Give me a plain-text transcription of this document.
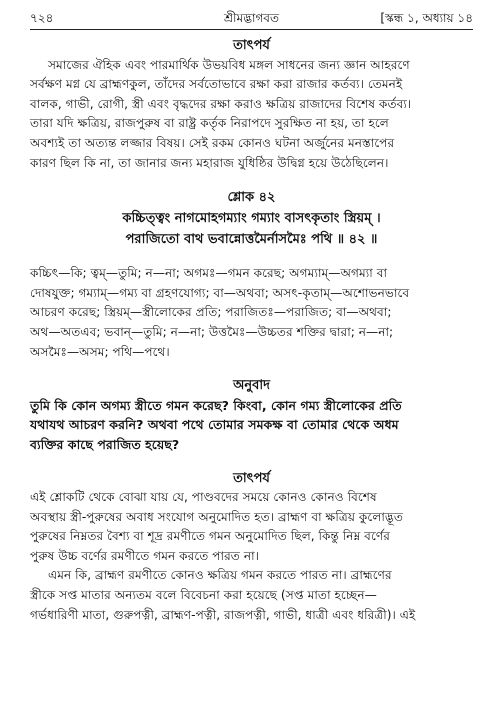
৭২৪	শ্রীমদ্ভাগবত	[স্কন্ধ ১, অধ্যায় ১৪

তাৎপর্য

সমাজের ঐহিক এবং পারমার্থিক উভয়বিধ মঙ্গল সাধনের জন্য জ্ঞান আহরণে

সর্বক্ষণ মগ্ন যে ব্রাহ্মণকুল, তাঁদের সর্বতোভাবে রক্ষা করা রাজার কর্তব্য। তেমনই

বালক, গাভী, রোগী, স্ত্রী এবং বৃদ্ধদের রক্ষা করাও ক্ষত্রিয় রাজাদের বিশেষ কর্তব্য।

তারা যদি ক্ষত্রিয়, রাজপুরুষ বা রাষ্ট্র কর্তৃক নিরাপদে সুরক্ষিত না হয়, তা হলে

অবশ্যই তা অত্যন্ত লজ্জার বিষয়। সেই রকম কোনও ঘটনা অর্জুনের মনস্তাপের

কারণ ছিল কি না, তা জানার জন্য মহারাজ যুধিষ্ঠির উদ্বিগ্ন হয়ে উঠেছিলেন।

শ্লোক ৪২

কচ্চিত্ত্বং নাগমোহগম্যাং গম্যাং বাসৎকৃতাং স্ত্রিয়ম্ ।

পরাজিতো বাথ ভবান্নোত্তমৈর্নাসমৈঃ পথি ॥ ৪২ ॥

কচ্চিৎ—কি; ত্বম্—তুমি; ন—না; অগমঃ—গমন করেছ; অগম্যাম্—অগম্যা বা

দোষযুক্ত; গম্যাম্—গম্য বা গ্রহণযোগ্য; বা—অথবা; অসৎ-কৃতাম্—অশোভনভাবে

আচরণ করেছ; স্ত্রিয়ম্—স্ত্রীলোকের প্রতি; পরাজিতঃ—পরাজিত; বা—অথবা;

অথ—অতএব; ভবান্—তুমি; ন—না; উত্তমৈঃ—উচ্চতর শক্তির দ্বারা; ন—না;

অসমৈঃ—অসম; পথি—পথে।

অনুবাদ

তুমি কি কোন অগম্য স্ত্রীতে গমন করেছ? কিংবা, কোন গম্য স্ত্রীলোকের প্রতি

যথাযথ আচরণ করনি? অথবা পথে তোমার সমকক্ষ বা তোমার থেকে অধম

ব্যক্তির কাছে পরাজিত হয়েছ?

তাৎপর্য

এই শ্লোকটি থেকে বোঝা যায় যে, পাণ্ডবদের সময়ে কোনও কোনও বিশেষ

অবস্থায় স্ত্রী-পুরুষের অবাধ সংযোগ অনুমোদিত হত। ব্রাহ্মণ বা ক্ষত্রিয় কুলোদ্ভূত

পুরুষের নিম্নতর বৈশ্য বা শূদ্র রমণীতে গমন অনুমোদিত ছিল, কিন্তু নিম্ন বর্ণের

পুরুষ উচ্চ বর্ণের রমণীতে গমন করতে পারত না।

এমন কি, ব্রাহ্মণ রমণীতে কোনও ক্ষত্রিয় গমন করতে পারত না। ব্রাহ্মণের

স্ত্রীকে সপ্ত মাতার অন্যতম বলে বিবেচনা করা হয়েছে (সপ্ত মাতা হচ্ছেন—

গর্ভধারিণী মাতা, গুরুপত্নী, ব্রাহ্মণ-পত্নী, রাজপত্নী, গাভী, ধাত্রী এবং ধরিত্রী)। এই
